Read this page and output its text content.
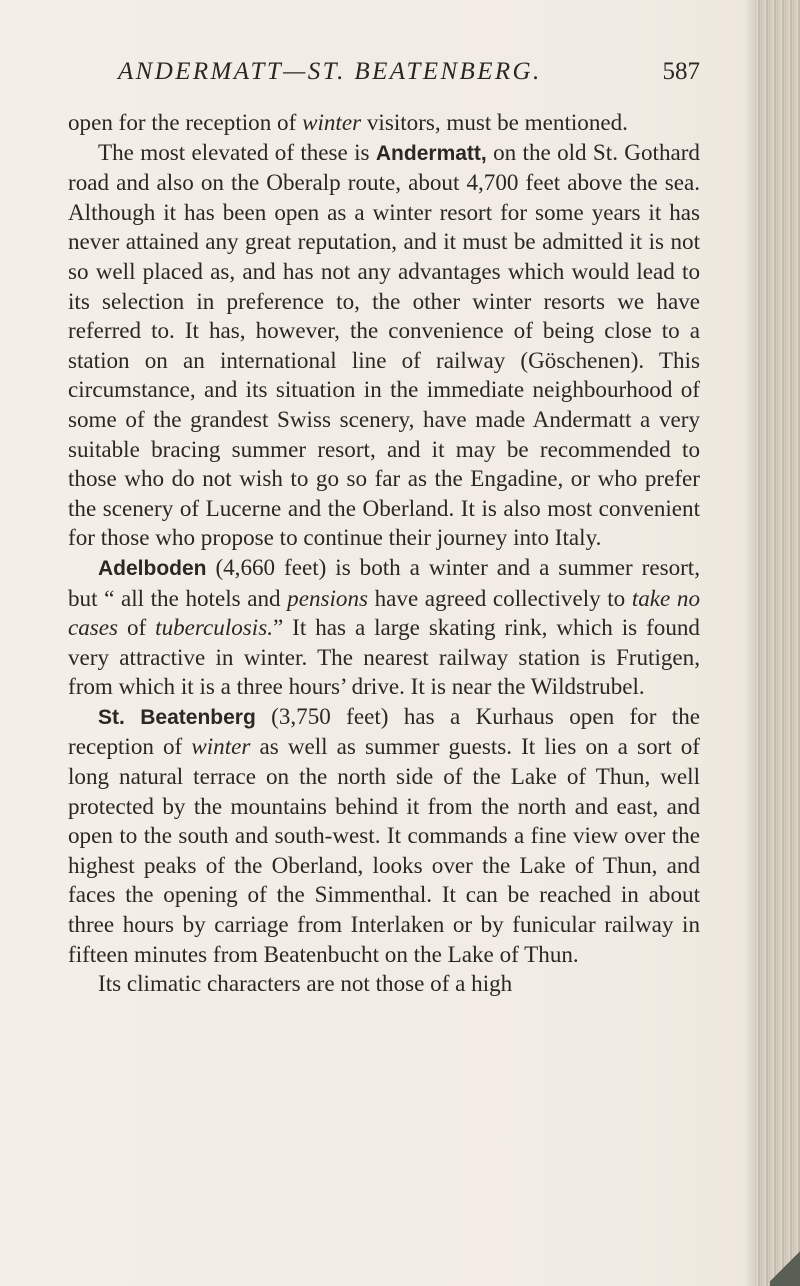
ANDERMATT—ST. BEATENBERG.	587

open for the reception of winter visitors, must be mentioned.

The most elevated of these is Andermatt, on the old St. Gothard road and also on the Oberalp route, about 4,700 feet above the sea. Although it has been open as a winter resort for some years it has never attained any great reputation, and it must be admitted it is not so well placed as, and has not any advantages which would lead to its selection in preference to, the other winter resorts we have referred to. It has, however, the convenience of being close to a station on an international line of railway (Göschenen). This circumstance, and its situation in the immediate neighbourhood of some of the grandest Swiss scenery, have made Andermatt a very suitable bracing summer resort, and it may be recommended to those who do not wish to go so far as the Engadine, or who prefer the scenery of Lucerne and the Oberland. It is also most convenient for those who propose to continue their journey into Italy.

Adelboden (4,660 feet) is both a winter and a summer resort, but “ all the hotels and pensions have agreed collectively to take no cases of tuberculosis.” It has a large skating rink, which is found very attractive in winter. The nearest railway station is Frutigen, from which it is a three hours’ drive. It is near the Wildstrubel.

St. Beatenberg (3,750 feet) has a Kurhaus open for the reception of winter as well as summer guests. It lies on a sort of long natural terrace on the north side of the Lake of Thun, well protected by the mountains behind it from the north and east, and open to the south and south-west. It commands a fine view over the highest peaks of the Oberland, looks over the Lake of Thun, and faces the opening of the Simmenthal. It can be reached in about three hours by carriage from Interlaken or by funicular railway in fifteen minutes from Beatenbucht on the Lake of Thun.

Its climatic characters are not those of a high
